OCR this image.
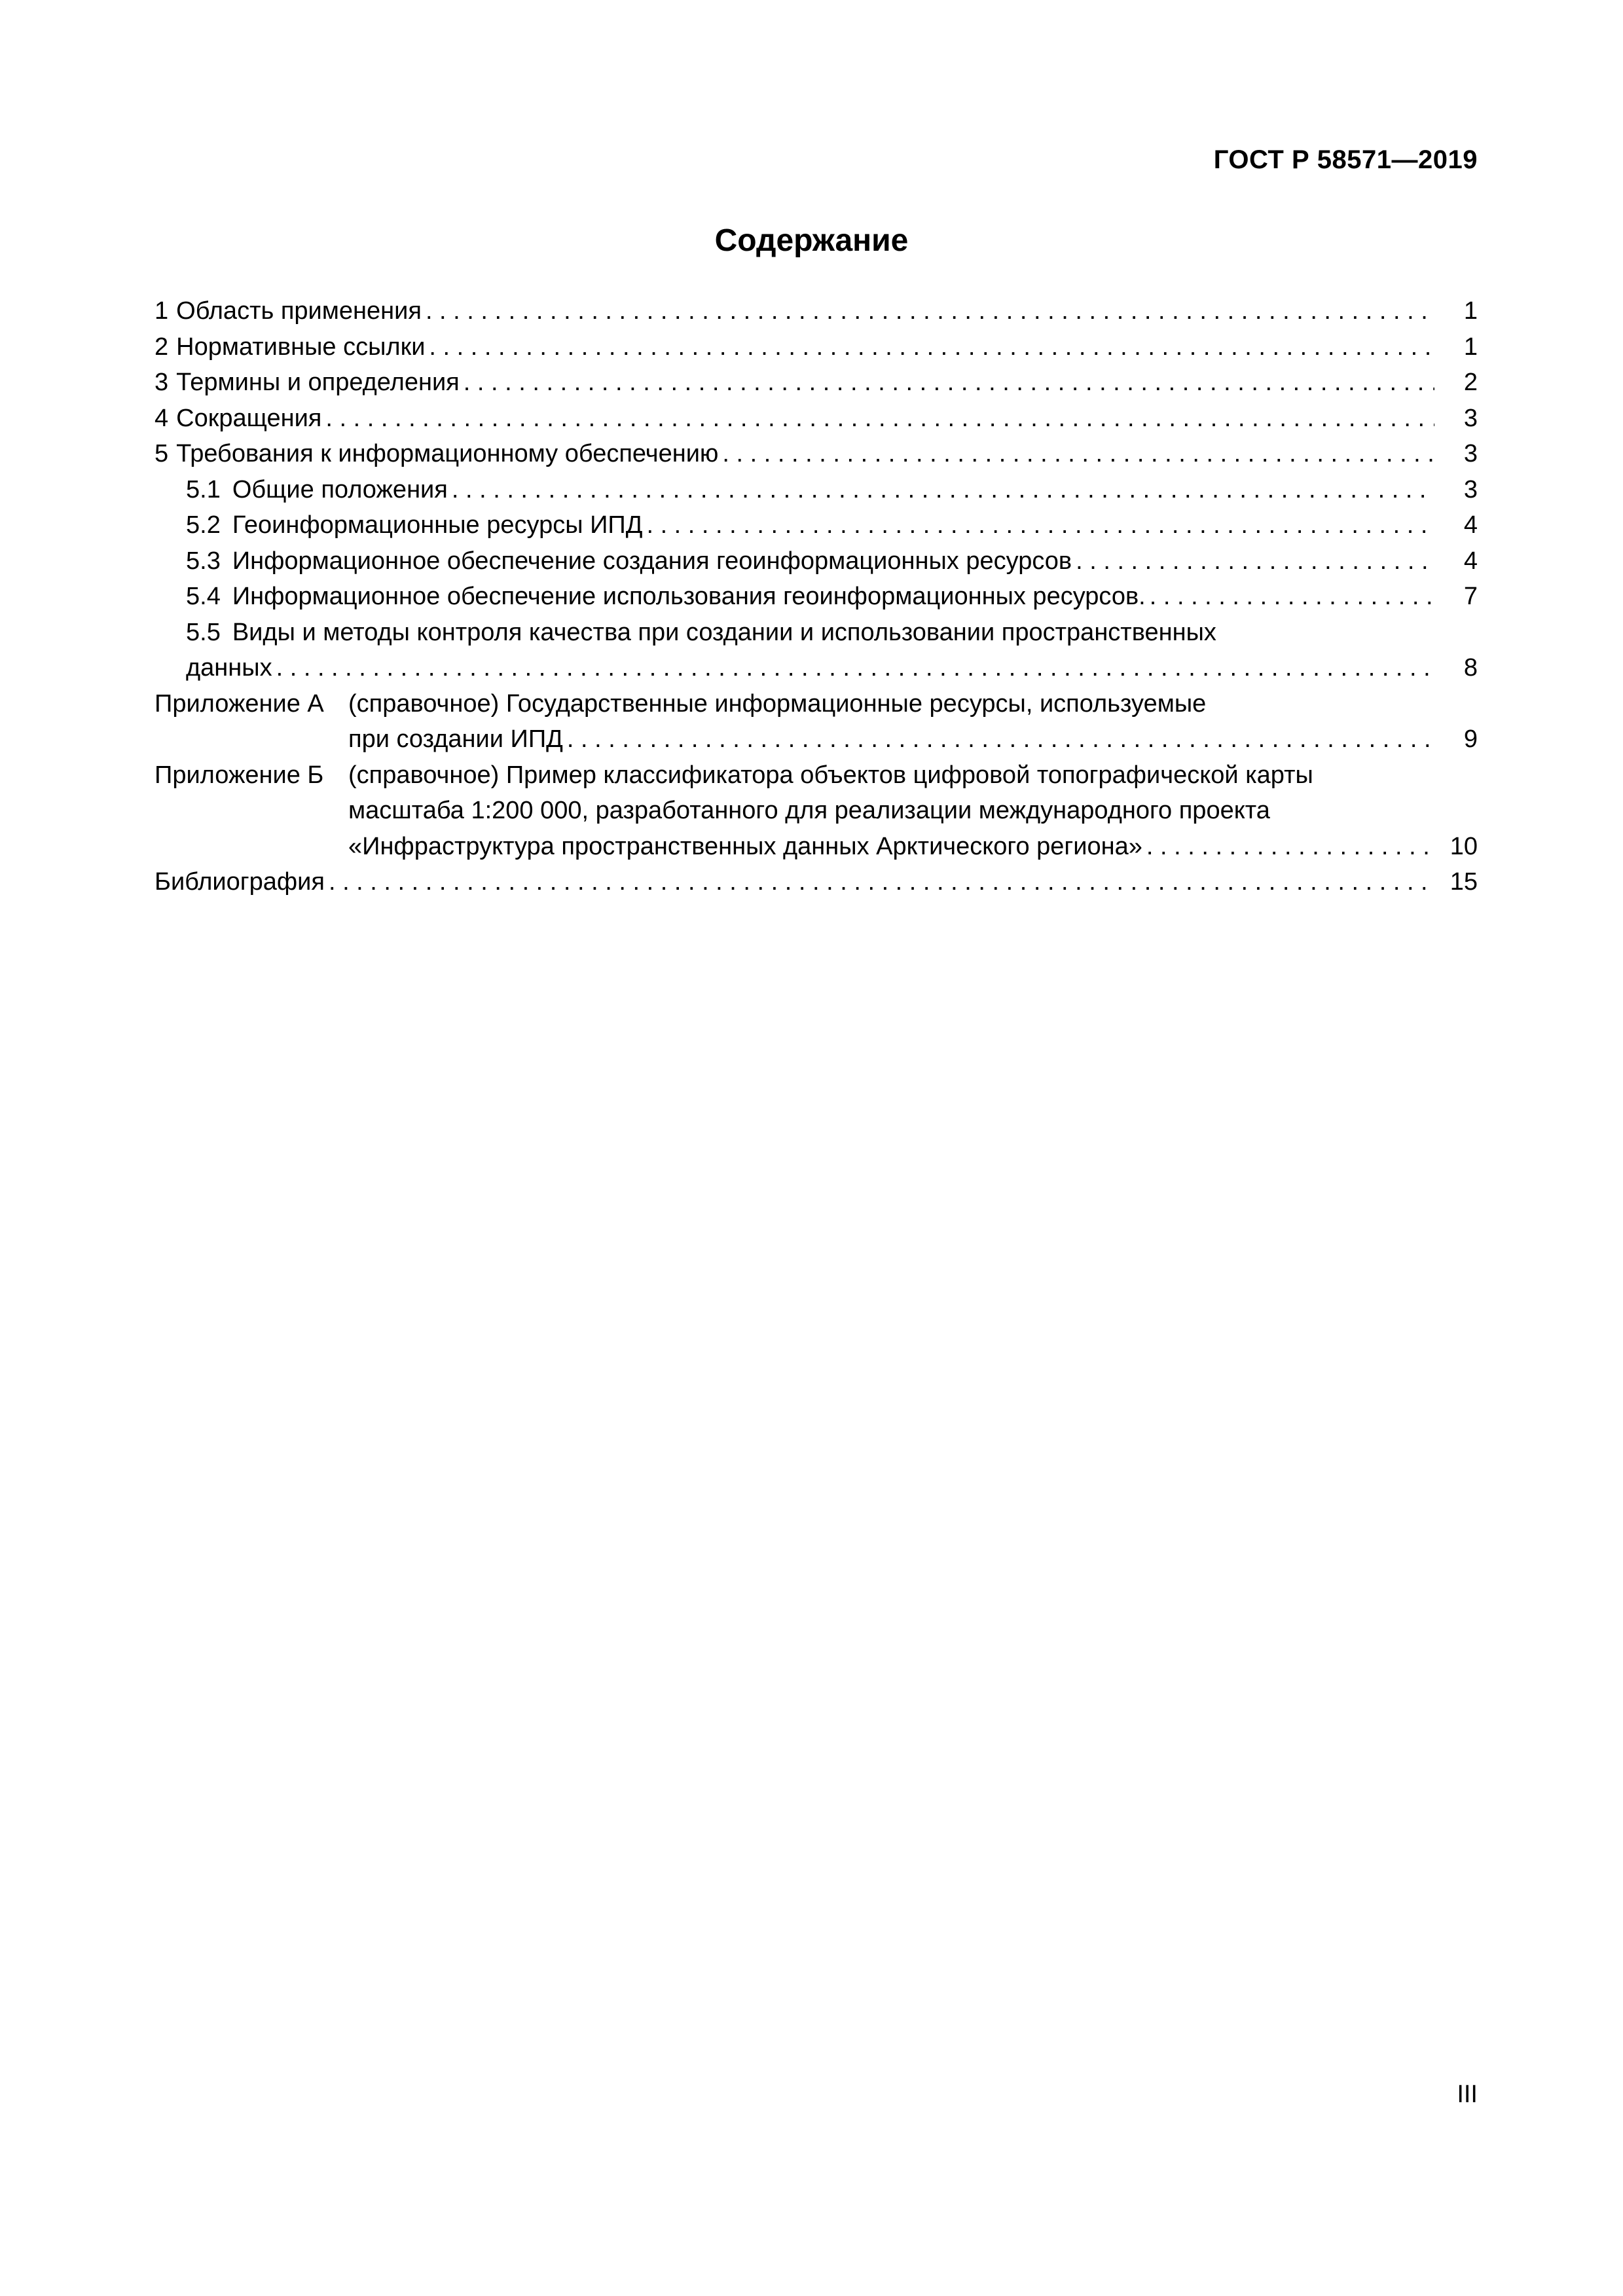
ГОСТ Р 58571—2019
Содержание
1 Область применения . . .	1
2 Нормативные ссылки . . .	1
3 Термины и определения . . .	2
4 Сокращения . . .	3
5 Требования к информационному обеспечению . . .	3
5.1 Общие положения . . .	3
5.2 Геоинформационные ресурсы ИПД . . .	4
5.3 Информационное обеспечение создания геоинформационных ресурсов . . .	4
5.4 Информационное обеспечение использования геоинформационных ресурсов. . . .	7
5.5 Виды и методы контроля качества при создании и использовании пространственных
данных . . .	8
Приложение А (справочное) Государственные информационные ресурсы, используемые
при создании ИПД . . .	9
Приложение Б (справочное) Пример классификатора объектов цифровой топографической карты
масштаба 1:200 000, разработанного для реализации международного проекта
«Инфраструктура пространственных данных Арктического региона» . . .	10
Библиография . . .	15
III
